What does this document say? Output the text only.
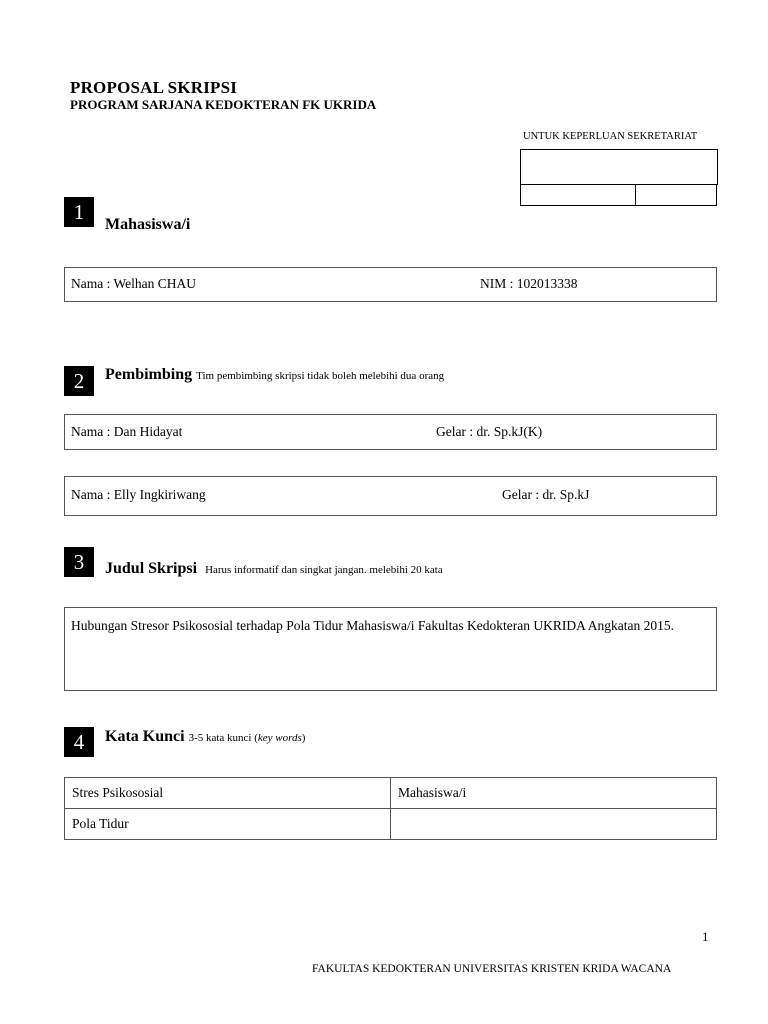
PROPOSAL SKRIPSI
PROGRAM SARJANA KEDOKTERAN FK UKRIDA
UNTUK KEPERLUAN SEKRETARIAT
1
Mahasiswa/i
Nama : Welhan CHAU	NIM : 102013338
2	Pembimbing Tim pembimbing skripsi tidak boleh melebihi dua orang
Nama : Dan Hidayat	Gelar : dr. Sp.kJ(K)
Nama : Elly Ingkiriwang	Gelar : dr. Sp.kJ
3	Judul Skripsi Harus informatif dan singkat jangan. melebihi 20 kata
Hubungan Stresor Psikososial terhadap Pola Tidur Mahasiswa/i Fakultas Kedokteran UKRIDA Angkatan 2015.
4	Kata Kunci 3-5 kata kunci (key words)
Stres Psikososial	Mahasiswa/i
Pola Tidur	
1
FAKULTAS KEDOKTERAN UNIVERSITAS KRISTEN KRIDA WACANA
